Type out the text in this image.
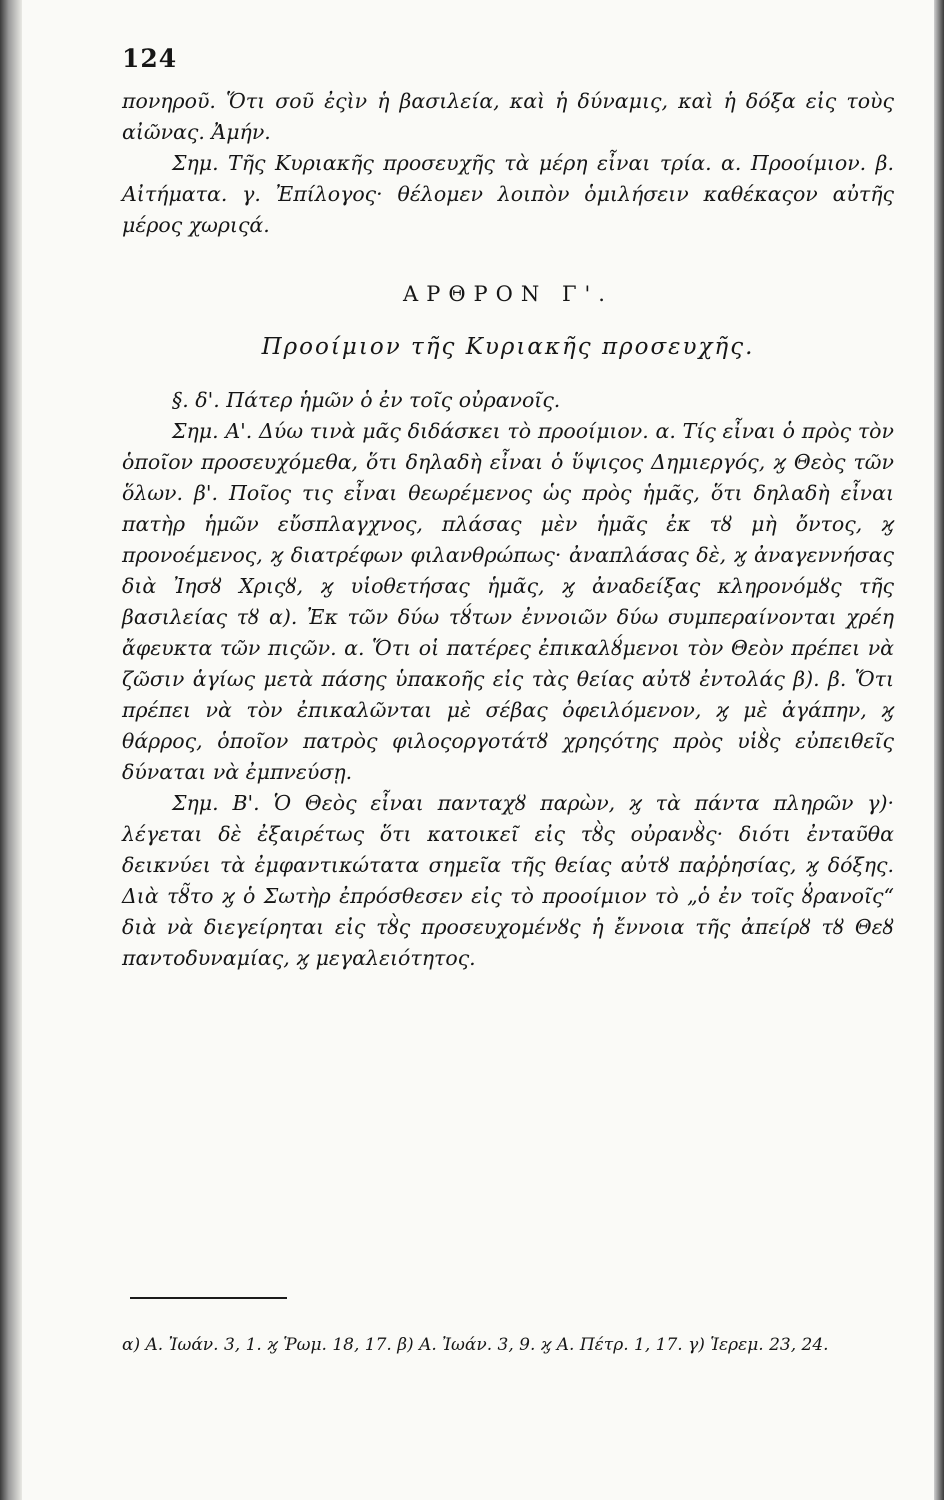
124

πονηροῦ. Ὅτι σοῦ ἐςὶν ἡ βασιλεία, καὶ ἡ δύναμις, καὶ ἡ δόξα εἰς τοὺς αἰῶνας. Ἀμήν.

Σημ. Τῆς Κυριακῆς προσευχῆς τὰ μέρη εἶναι τρία. α. Προοίμιον. β. Αἰτήματα. γ. Ἐπίλογος· θέλομεν λοιπὸν ὁμιλήσειν καθέκαςον αὐτῆς μέρος χωριςά.

ΑΡΘΡΟΝ Γ'.
Προοίμιον τῆς Κυριακῆς προσευχῆς.

§. δ'. Πάτερ ἡμῶν ὁ ἐν τοῖς οὐρανοῖς.

Σημ. Α'. Δύω τινὰ μᾶς διδάσκει τὸ προοίμιον. α. Τίς εἶναι ὁ πρὸς τὸν ὁποῖον προσευχόμεθα, ὅτι δηλαδὴ εἶναι ὁ ὕψιςος Δημιεργός, ϗ Θεὸς τῶν ὅλων. β'. Ποῖος τις εἶναι θεωρέμενος ὡς πρὸς ἡμᾶς, ὅτι δηλαδὴ εἶναι πατὴρ ἡμῶν εὔσπλαγχνος, πλάσας μὲν ἡμᾶς ἐκ τȣ μὴ ὄντος, ϗ προνοέμενος, ϗ διατρέφων φιλανθρώπως· ἀναπλάσας δὲ, ϗ ἀναγεννήσας διὰ Ἰησȣ Χριςȣ, ϗ υἱοθετήσας ἡμᾶς, ϗ ἀναδείξας κληρονόμȣς τῆς βασιλείας τȣ α). Ἐκ τῶν δύω τȣ́των ἐννοιῶν δύω συμπεραίνονται χρέη ἄφευκτα τῶν πιςῶν. α. Ὅτι οἱ πατέρες ἐπικαλȣ́μενοι τὸν Θεὸν πρέπει νὰ ζῶσιν ἁγίως μετὰ πάσης ὑπακοῆς εἰς τὰς θείας αὐτȣ ἐντολάς β). β. Ὅτι πρέπει νὰ τὸν ἐπικαλῶνται μὲ σέβας ὀφειλόμενον, ϗ μὲ ἀγάπην, ϗ θάρρος, ὁποῖον πατρὸς φιλοςοργοτάτȣ χρηςότης πρὸς υἱȣ̀ς εὐπειθεῖς δύναται νὰ ἐμπνεύσῃ.

Σημ. Β'. Ὁ Θεὸς εἶναι πανταχȣ παρὼν, ϗ τὰ πάντα πληρῶν γ)· λέγεται δὲ ἐξαιρέτως ὅτι κατοικεῖ εἰς τȣ̀ς οὐρανȣ̀ς· διότι ἐνταῦθα δεικνύει τὰ ἐμφαντικώτατα σημεῖα τῆς θείας αὐτȣ παῤῥησίας, ϗ δόξης. Διὰ τȣ̃το ϗ ὁ Σωτὴρ ἐπρόσθεσεν εἰς τὸ προοίμιον τὸ „ὁ ἐν τοῖς ȣ̓ρανοῖς“ διὰ νὰ διεγείρηται εἰς τȣ̀ς προσευχομένȣς ἡ ἔννοια τῆς ἀπείρȣ τȣ Θεȣ παντοδυναμίας, ϗ μεγαλειότητος.

α) Α. Ἰωάν. 3, 1. ϗ Ῥωμ. 18, 17. β) Α. Ἰωάν. 3, 9. ϗ Α. Πέτρ. 1, 17. γ) Ἱερεμ. 23, 24.
